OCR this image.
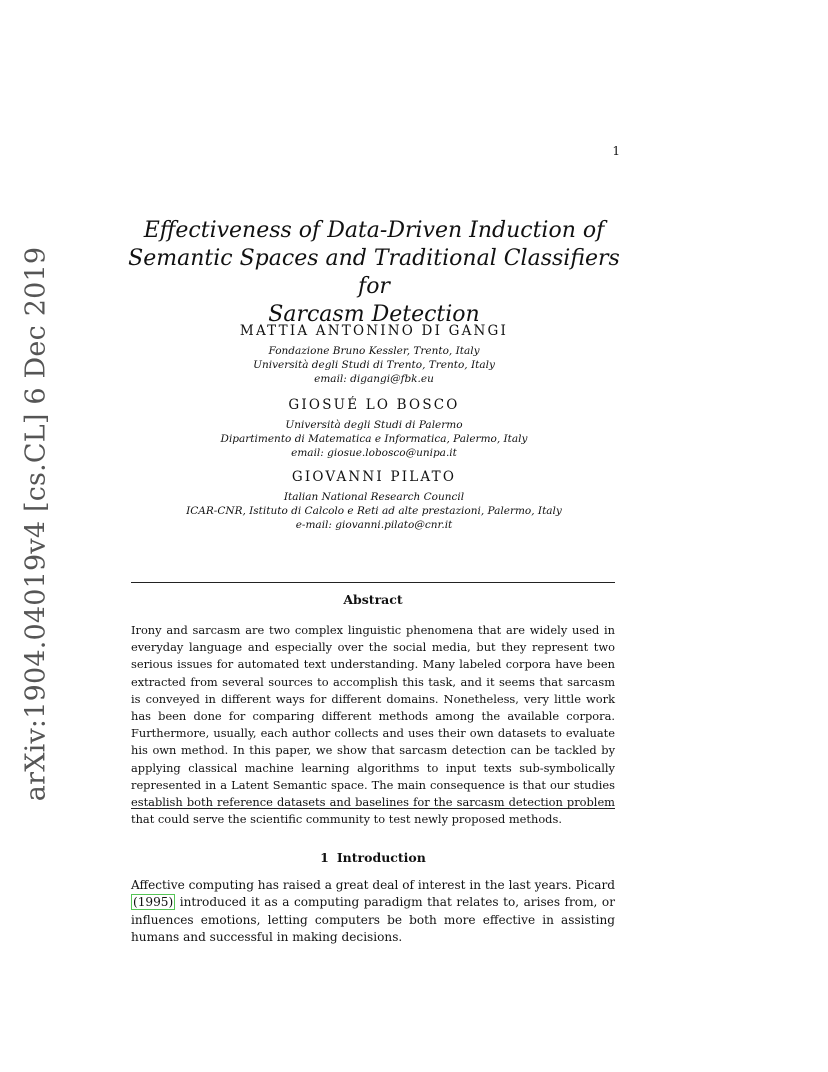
1
arXiv:1904.04019v4 [cs.CL] 6 Dec 2019
Effectiveness of Data-Driven Induction of
Semantic Spaces and Traditional Classifiers for
Sarcasm Detection
MATTIA ANTONINO DI GANGI
Fondazione Bruno Kessler, Trento, Italy
Università degli Studi di Trento, Trento, Italy
email: digangi@fbk.eu
GIOSUÉ LO BOSCO
Università degli Studi di Palermo
Dipartimento di Matematica e Informatica, Palermo, Italy
email: giosue.lobosco@unipa.it
GIOVANNI PILATO
Italian National Research Council
ICAR-CNR, Istituto di Calcolo e Reti ad alte prestazioni, Palermo, Italy
e-mail: giovanni.pilato@cnr.it
Abstract
Irony and sarcasm are two complex linguistic phenomena that are widely used in everyday language and especially over the social media, but they represent two serious issues for automated text understanding. Many labeled corpora have been extracted from several sources to accomplish this task, and it seems that sarcasm is conveyed in different ways for different domains. Nonetheless, very little work has been done for comparing different methods among the available corpora. Furthermore, usually, each author collects and uses their own datasets to evaluate his own method. In this paper, we show that sarcasm detection can be tackled by applying classical machine learning algorithms to input texts sub-symbolically represented in a Latent Semantic space. The main consequence is that our studies establish both reference datasets and baselines for the sarcasm detection problem that could serve the scientific community to test newly proposed methods.
1 Introduction
Affective computing has raised a great deal of interest in the last years. Picard (1995) introduced it as a computing paradigm that relates to, arises from, or influences emotions, letting computers be both more effective in assisting humans and successful in making decisions.
